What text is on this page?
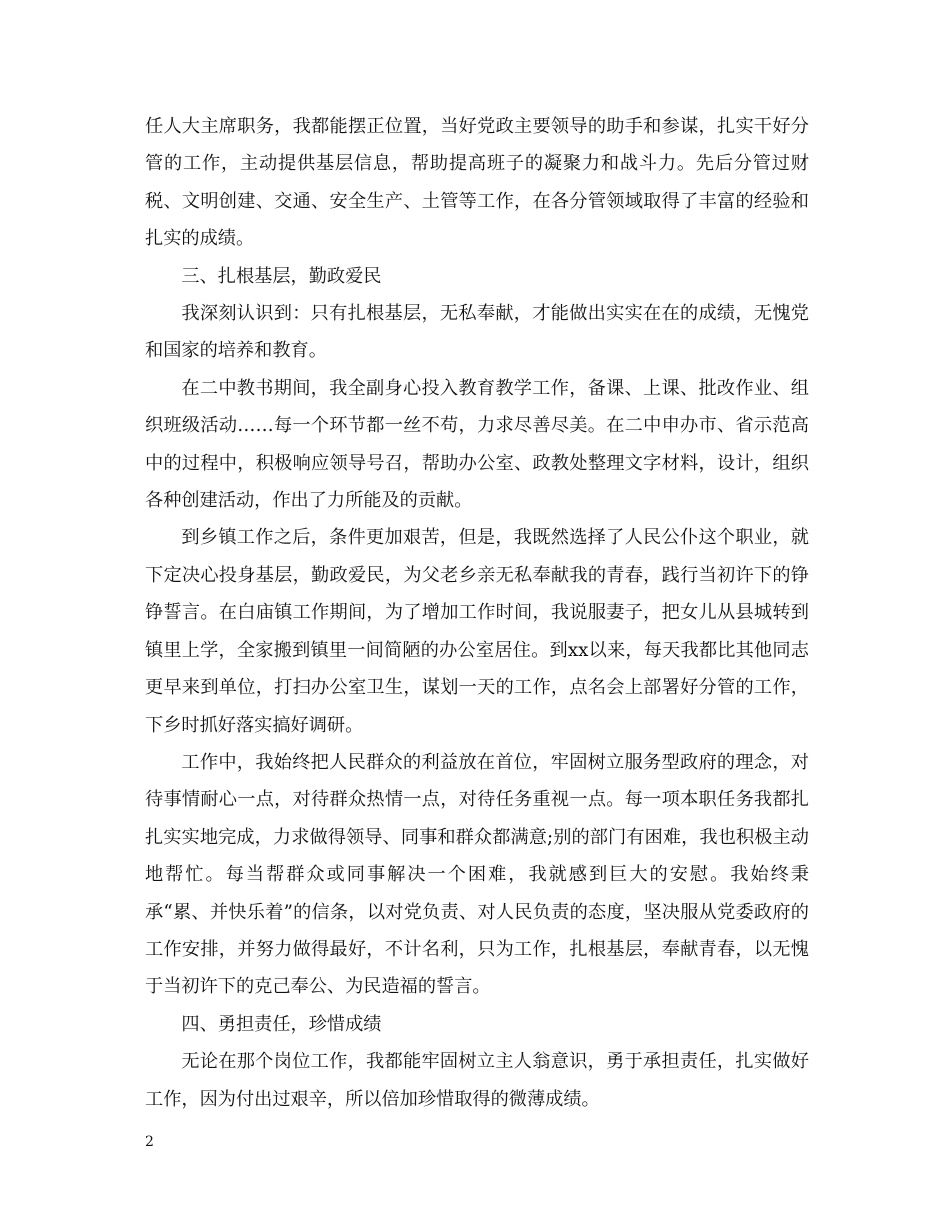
任人大主席职务，我都能摆正位置，当好党政主要领导的助手和参谋，扎实干好分管的工作，主动提供基层信息，帮助提高班子的凝聚力和战斗力。先后分管过财税、文明创建、交通、安全生产、土管等工作，在各分管领域取得了丰富的经验和扎实的成绩。

三、扎根基层，勤政爱民

我深刻认识到：只有扎根基层，无私奉献，才能做出实实在在的成绩，无愧党和国家的培养和教育。

在二中教书期间，我全副身心投入教育教学工作，备课、上课、批改作业、组织班级活动……每一个环节都一丝不苟，力求尽善尽美。在二中申办市、省示范高中的过程中，积极响应领导号召，帮助办公室、政教处整理文字材料，设计，组织各种创建活动，作出了力所能及的贡献。

到乡镇工作之后，条件更加艰苦，但是，我既然选择了人民公仆这个职业，就下定决心投身基层，勤政爱民，为父老乡亲无私奉献我的青春，践行当初许下的铮铮誓言。在白庙镇工作期间，为了增加工作时间，我说服妻子，把女儿从县城转到镇里上学，全家搬到镇里一间简陋的办公室居住。到xx以来，每天我都比其他同志更早来到单位，打扫办公室卫生，谋划一天的工作，点名会上部署好分管的工作，下乡时抓好落实搞好调研。

工作中，我始终把人民群众的利益放在首位，牢固树立服务型政府的理念，对待事情耐心一点，对待群众热情一点，对待任务重视一点。每一项本职任务我都扎扎实实地完成，力求做得领导、同事和群众都满意;别的部门有困难，我也积极主动地帮忙。每当帮群众或同事解决一个困难，我就感到巨大的安慰。我始终秉承“累、并快乐着”的信条，以对党负责、对人民负责的态度，坚决服从党委政府的工作安排，并努力做得最好，不计名利，只为工作，扎根基层，奉献青春，以无愧于当初许下的克己奉公、为民造福的誓言。

四、勇担责任，珍惜成绩

无论在那个岗位工作，我都能牢固树立主人翁意识，勇于承担责任，扎实做好工作，因为付出过艰辛，所以倍加珍惜取得的微薄成绩。

2
